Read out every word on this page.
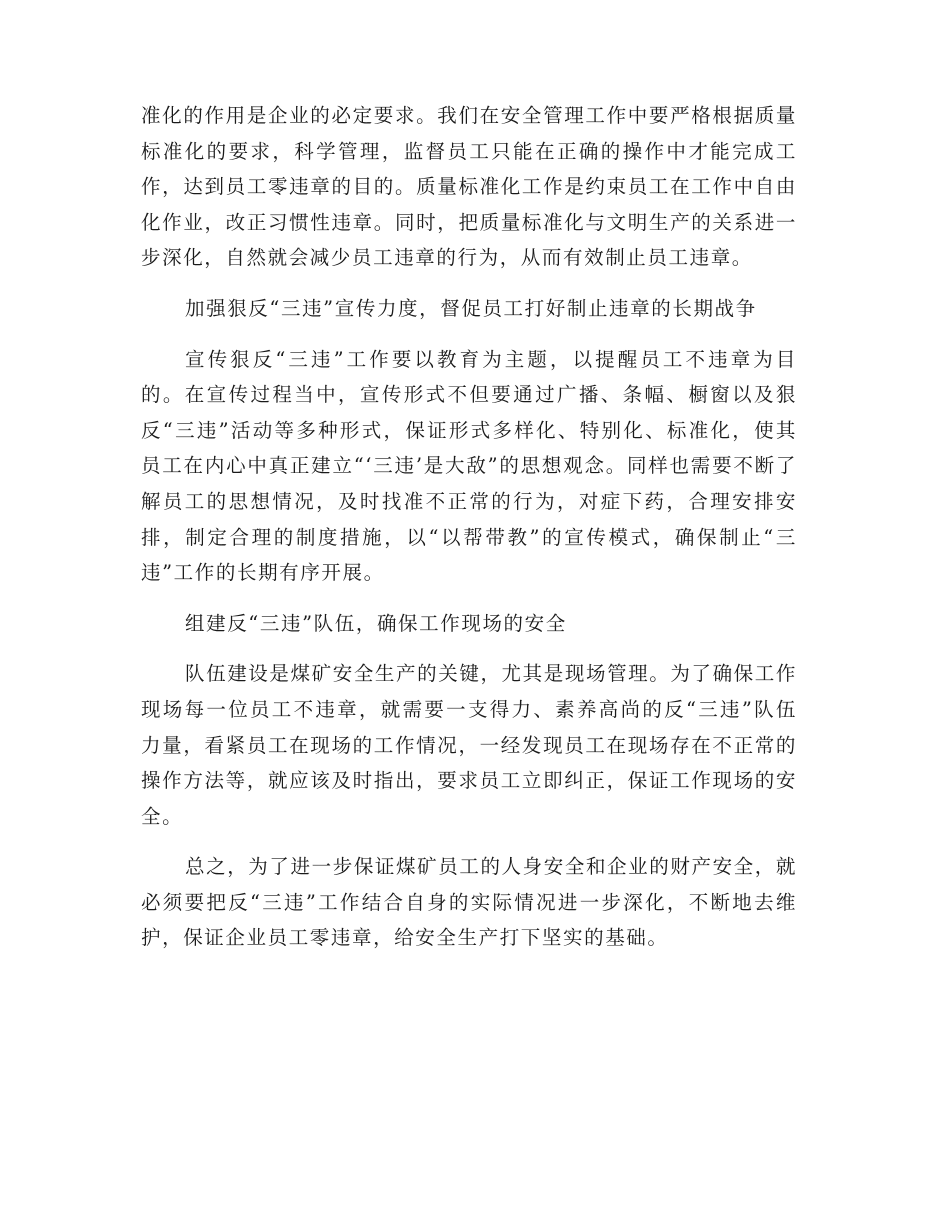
准化的作用是企业的必定要求。我们在安全管理工作中要严格根据质量标准化的要求，科学管理，监督员工只能在正确的操作中才能完成工作，达到员工零违章的目的。质量标准化工作是约束员工在工作中自由化作业，改正习惯性违章。同时，把质量标准化与文明生产的关系进一步深化，自然就会减少员工违章的行为，从而有效制止员工违章。

加强狠反“三违”宣传力度，督促员工打好制止违章的长期战争

宣传狠反“三违”工作要以教育为主题，以提醒员工不违章为目的。在宣传过程当中，宣传形式不但要通过广播、条幅、橱窗以及狠反“三违”活动等多种形式，保证形式多样化、特别化、标准化，使其员工在内心中真正建立“‘三违’是大敌”的思想观念。同样也需要不断了解员工的思想情况，及时找准不正常的行为，对症下药，合理安排安排，制定合理的制度措施，以“以帮带教”的宣传模式，确保制止“三违”工作的长期有序开展。

组建反“三违”队伍，确保工作现场的安全

队伍建设是煤矿安全生产的关键，尤其是现场管理。为了确保工作现场每一位员工不违章，就需要一支得力、素养高尚的反“三违”队伍力量，看紧员工在现场的工作情况，一经发现员工在现场存在不正常的操作方法等，就应该及时指出，要求员工立即纠正，保证工作现场的安全。

总之，为了进一步保证煤矿员工的人身安全和企业的财产安全，就必须要把反“三违”工作结合自身的实际情况进一步深化，不断地去维护，保证企业员工零违章，给安全生产打下坚实的基础。
